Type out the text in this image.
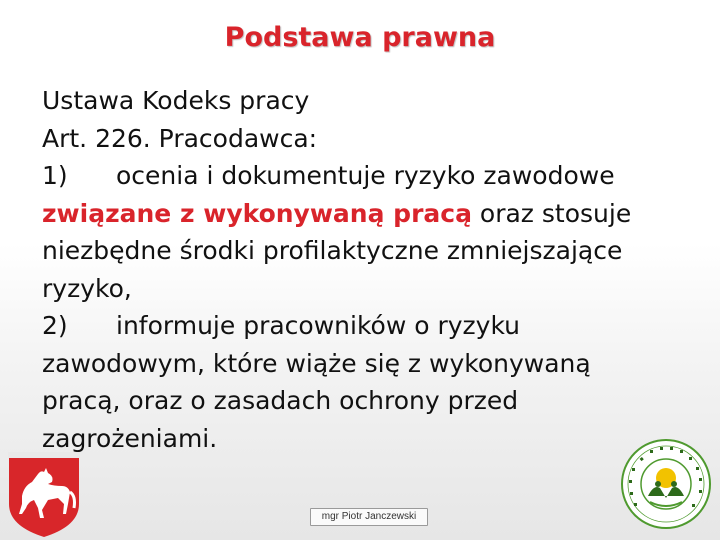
Podstawa prawna
Ustawa Kodeks pracy
Art. 226. Pracodawca:
1) ocenia i dokumentuje ryzyko zawodowe
związane z wykonywaną pracą oraz stosuje
niezbędne środki profilaktyczne zmniejszające
ryzyko,
2) informuje pracowników o ryzyku
zawodowym, które wiąże się z wykonywaną
pracą, oraz o zasadach ochrony przed
zagrożeniami.
mgr Piotr Janczewski
